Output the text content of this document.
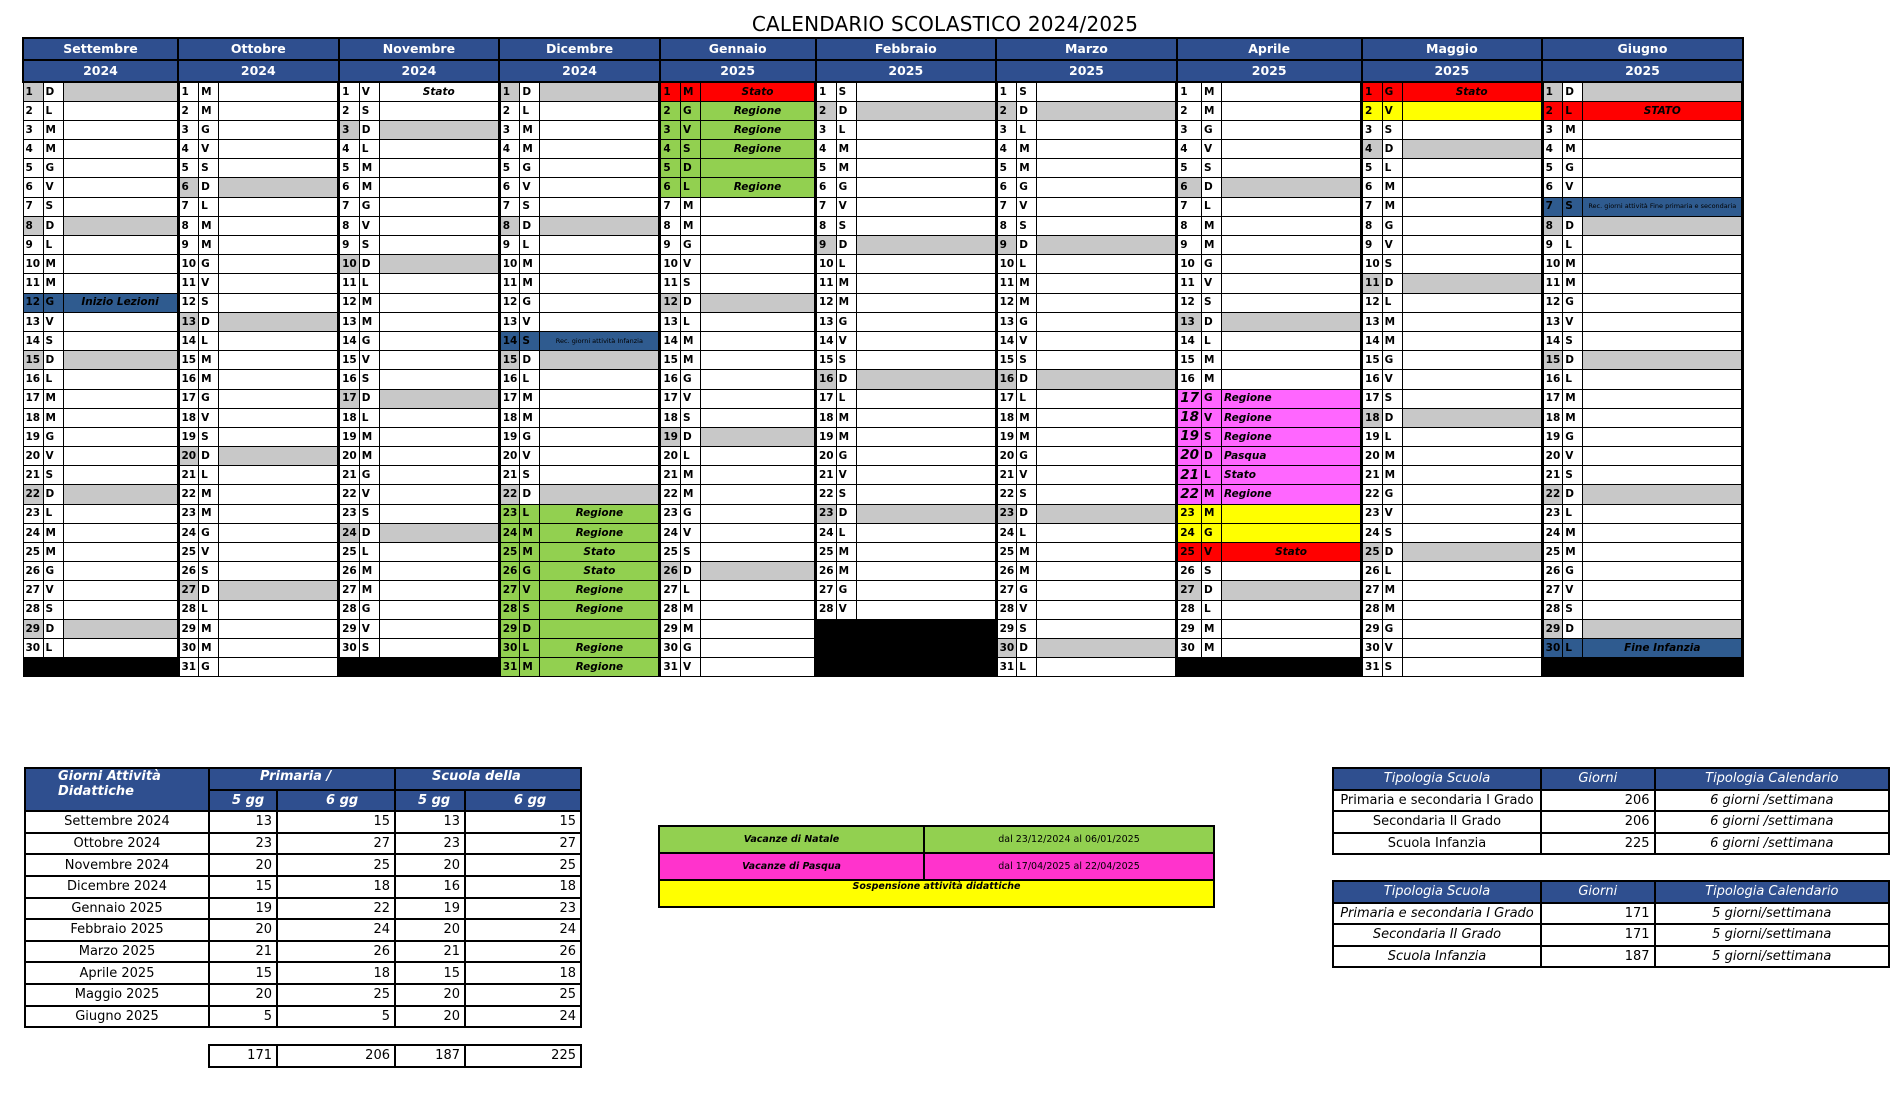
CALENDARIO SCOLASTICO 2024/2025
Settembre			Ottobre			Novembre			Dicembre			Gennaio			Febbraio			Marzo			Aprile			Maggio			Giugno		
2024			2024			2024			2024			2025			2025			2025			2025			2025			2025		
1	D		1	M		1	V	Stato	1	D		1	M	Stato	1	S		1	S		1	M		1	G	Stato	1	D	
2	L		2	M		2	S		2	L		2	G	Regione	2	D		2	D		2	M		2	V		2	L	STATO
3	M		3	G		3	D		3	M		3	V	Regione	3	L		3	L		3	G		3	S		3	M	
4	M		4	V		4	L		4	M		4	S	Regione	4	M		4	M		4	V		4	D		4	M	
5	G		5	S		5	M		5	G		5	D		5	M		5	M		5	S		5	L		5	G	
6	V		6	D		6	M		6	V		6	L	Regione	6	G		6	G		6	D		6	M		6	V	
7	S		7	L		7	G		7	S		7	M		7	V		7	V		7	L		7	M		7	S	Rec. giorni attività Fine primaria e secondaria
8	D		8	M		8	V		8	D		8	M		8	S		8	S		8	M		8	G		8	D	
9	L		9	M		9	S		9	L		9	G		9	D		9	D		9	M		9	V		9	L	
10	M		10	G		10	D		10	M		10	V		10	L		10	L		10	G		10	S		10	M	
11	M		11	V		11	L		11	M		11	S		11	M		11	M		11	V		11	D		11	M	
12	G	Inizio Lezioni	12	S		12	M		12	G		12	D		12	M		12	M		12	S		12	L		12	G	
13	V		13	D		13	M		13	V		13	L		13	G		13	G		13	D		13	M		13	V	
14	S		14	L		14	G		14	S	Rec. giorni attività Infanzia	14	M		14	V		14	V		14	L		14	M		14	S	
15	D		15	M		15	V		15	D		15	M		15	S		15	S		15	M		15	G		15	D	
16	L		16	M		16	S		16	L		16	G		16	D		16	D		16	M		16	V		16	L	
17	M		17	G		17	D		17	M		17	V		17	L		17	L		17	G	Regione	17	S		17	M	
18	M		18	V		18	L		18	M		18	S		18	M		18	M		18	V	Regione	18	D		18	M	
19	G		19	S		19	M		19	G		19	D		19	M		19	M		19	S	Regione	19	L		19	G	
20	V		20	D		20	M		20	V		20	L		20	G		20	G		20	D	Pasqua	20	M		20	V	
21	S		21	L		21	G		21	S		21	M		21	V		21	V		21	L	Stato	21	M		21	S	
22	D		22	M		22	V		22	D		22	M		22	S		22	S		22	M	Regione	22	G		22	D	
23	L		23	M		23	S		23	L	Regione	23	G		23	D		23	D		23	M		23	V		23	L	
24	M		24	G		24	D		24	M	Regione	24	V		24	L		24	L		24	G		24	S		24	M	
25	M		25	V		25	L		25	M	Stato	25	S		25	M		25	M		25	V	Stato	25	D		25	M	
26	G		26	S		26	M		26	G	Stato	26	D		26	M		26	M		26	S		26	L		26	G	
27	V		27	D		27	M		27	V	Regione	27	L		27	G		27	G		27	D		27	M		27	V	
28	S		28	L		28	G		28	S	Regione	28	M		28	V		28	V		28	L		28	M		28	S	
29	D		29	M		29	V		29	D		29	M					29	S		29	M		29	G		29	D	
30	L		30	M		30	S		30	L	Regione	30	G					30	D		30	M		30	V		30	L	Fine Infanzia
			31	G					31	M	Regione	31	V					31	L					31	S				
Giorni Attività Didattiche	Primaria /		Scuola della	
	5 gg	6 gg	5 gg	6 gg
Settembre 2024	13	15	13	15
Ottobre 2024	23	27	23	27
Novembre 2024	20	25	20	25
Dicembre 2024	15	18	16	18
Gennaio 2025	19	22	19	23
Febbraio 2025	20	24	20	24
Marzo 2025	21	26	21	26
Aprile 2025	15	18	15	18
Maggio 2025	20	25	20	25
Giugno 2025	5	5	20	24

	171	206	187	225
Vacanze di Natale	dal 23/12/2024 al 06/01/2025
Vacanze di Pasqua	dal 17/04/2025 al 22/04/2025
Sospensione attività didattiche	
Tipologia Scuola	Giorni	Tipologia Calendario
Primaria e secondaria I Grado	206	6 giorni /settimana
Secondaria II Grado	206	6 giorni /settimana
Scuola Infanzia	225	6 giorni /settimana
Tipologia Scuola	Giorni	Tipologia Calendario
Primaria e secondaria I Grado	171	5 giorni/settimana
Secondaria II Grado	171	5 giorni/settimana
Scuola Infanzia	187	5 giorni/settimana
